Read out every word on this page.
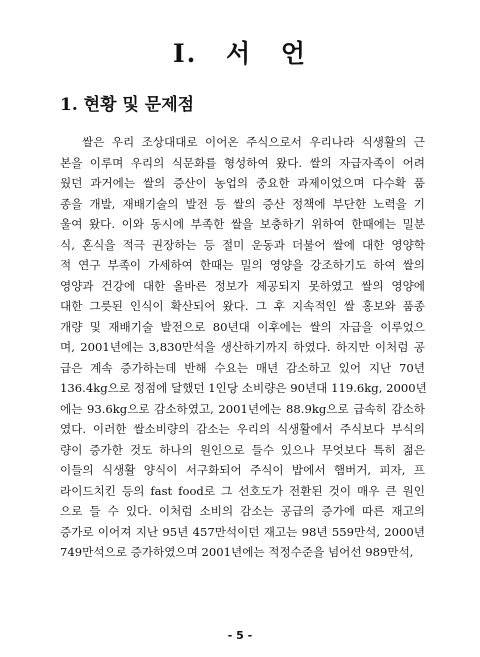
I. 서 언
1. 현황 및 문제점
쌀은 우리 조상대대로 이어온 주식으로서 우리나라 식생활의 근
본을 이루며 우리의 식문화를 형성하여 왔다. 쌀의 자급자족이 어려
웠던 과거에는 쌀의 증산이 농업의 중요한 과제이었으며 다수확 품
종을 개발, 재배기술의 발전 등 쌀의 증산 정책에 부단한 노력을 기
울여 왔다. 이와 동시에 부족한 쌀을 보충하기 위하여 한때에는 밀분
식, 혼식을 적극 권장하는 등 절미 운동과 더불어 쌀에 대한 영양학
적 연구 부족이 가세하여 한때는 밀의 영양을 강조하기도 하여 쌀의
영양과 건강에 대한 올바른 정보가 제공되지 못하였고 쌀의 영양에
대한 그릇된 인식이 확산되어 왔다. 그 후 지속적인 쌀 홍보와 품종
개량 및 재배기술 발전으로 80년대 이후에는 쌀의 자급을 이루었으
며, 2001년에는 3,830만석을 생산하기까지 하였다. 하지만 이처럼 공
급은 계속 증가하는데 반해 수요는 매년 감소하고 있어 지난 70년
136.4kg으로 정점에 달했던 1인당 소비량은 90년대 119.6kg, 2000년
에는 93.6kg으로 감소하였고, 2001년에는 88.9kg으로 급속히 감소하
였다. 이러한 쌀소비량의 감소는 우리의 식생활에서 주식보다 부식의
량이 증가한 것도 하나의 원인으로 들수 있으나 무엇보다 특히 젊은
이들의 식생활 양식이 서구화되어 주식이 밥에서 햄버거, 피자, 프
라이드치킨 등의 fast food로 그 선호도가 전환된 것이 매우 큰 원인
으로 들 수 있다. 이처럼 소비의 감소는 공급의 증가에 따른 재고의
증가로 이어져 지난 95년 457만석이던 재고는 98년 559만석, 2000년
749만석으로 증가하였으며 2001년에는 적정수준을 넘어선 989만석,
- 5 -
